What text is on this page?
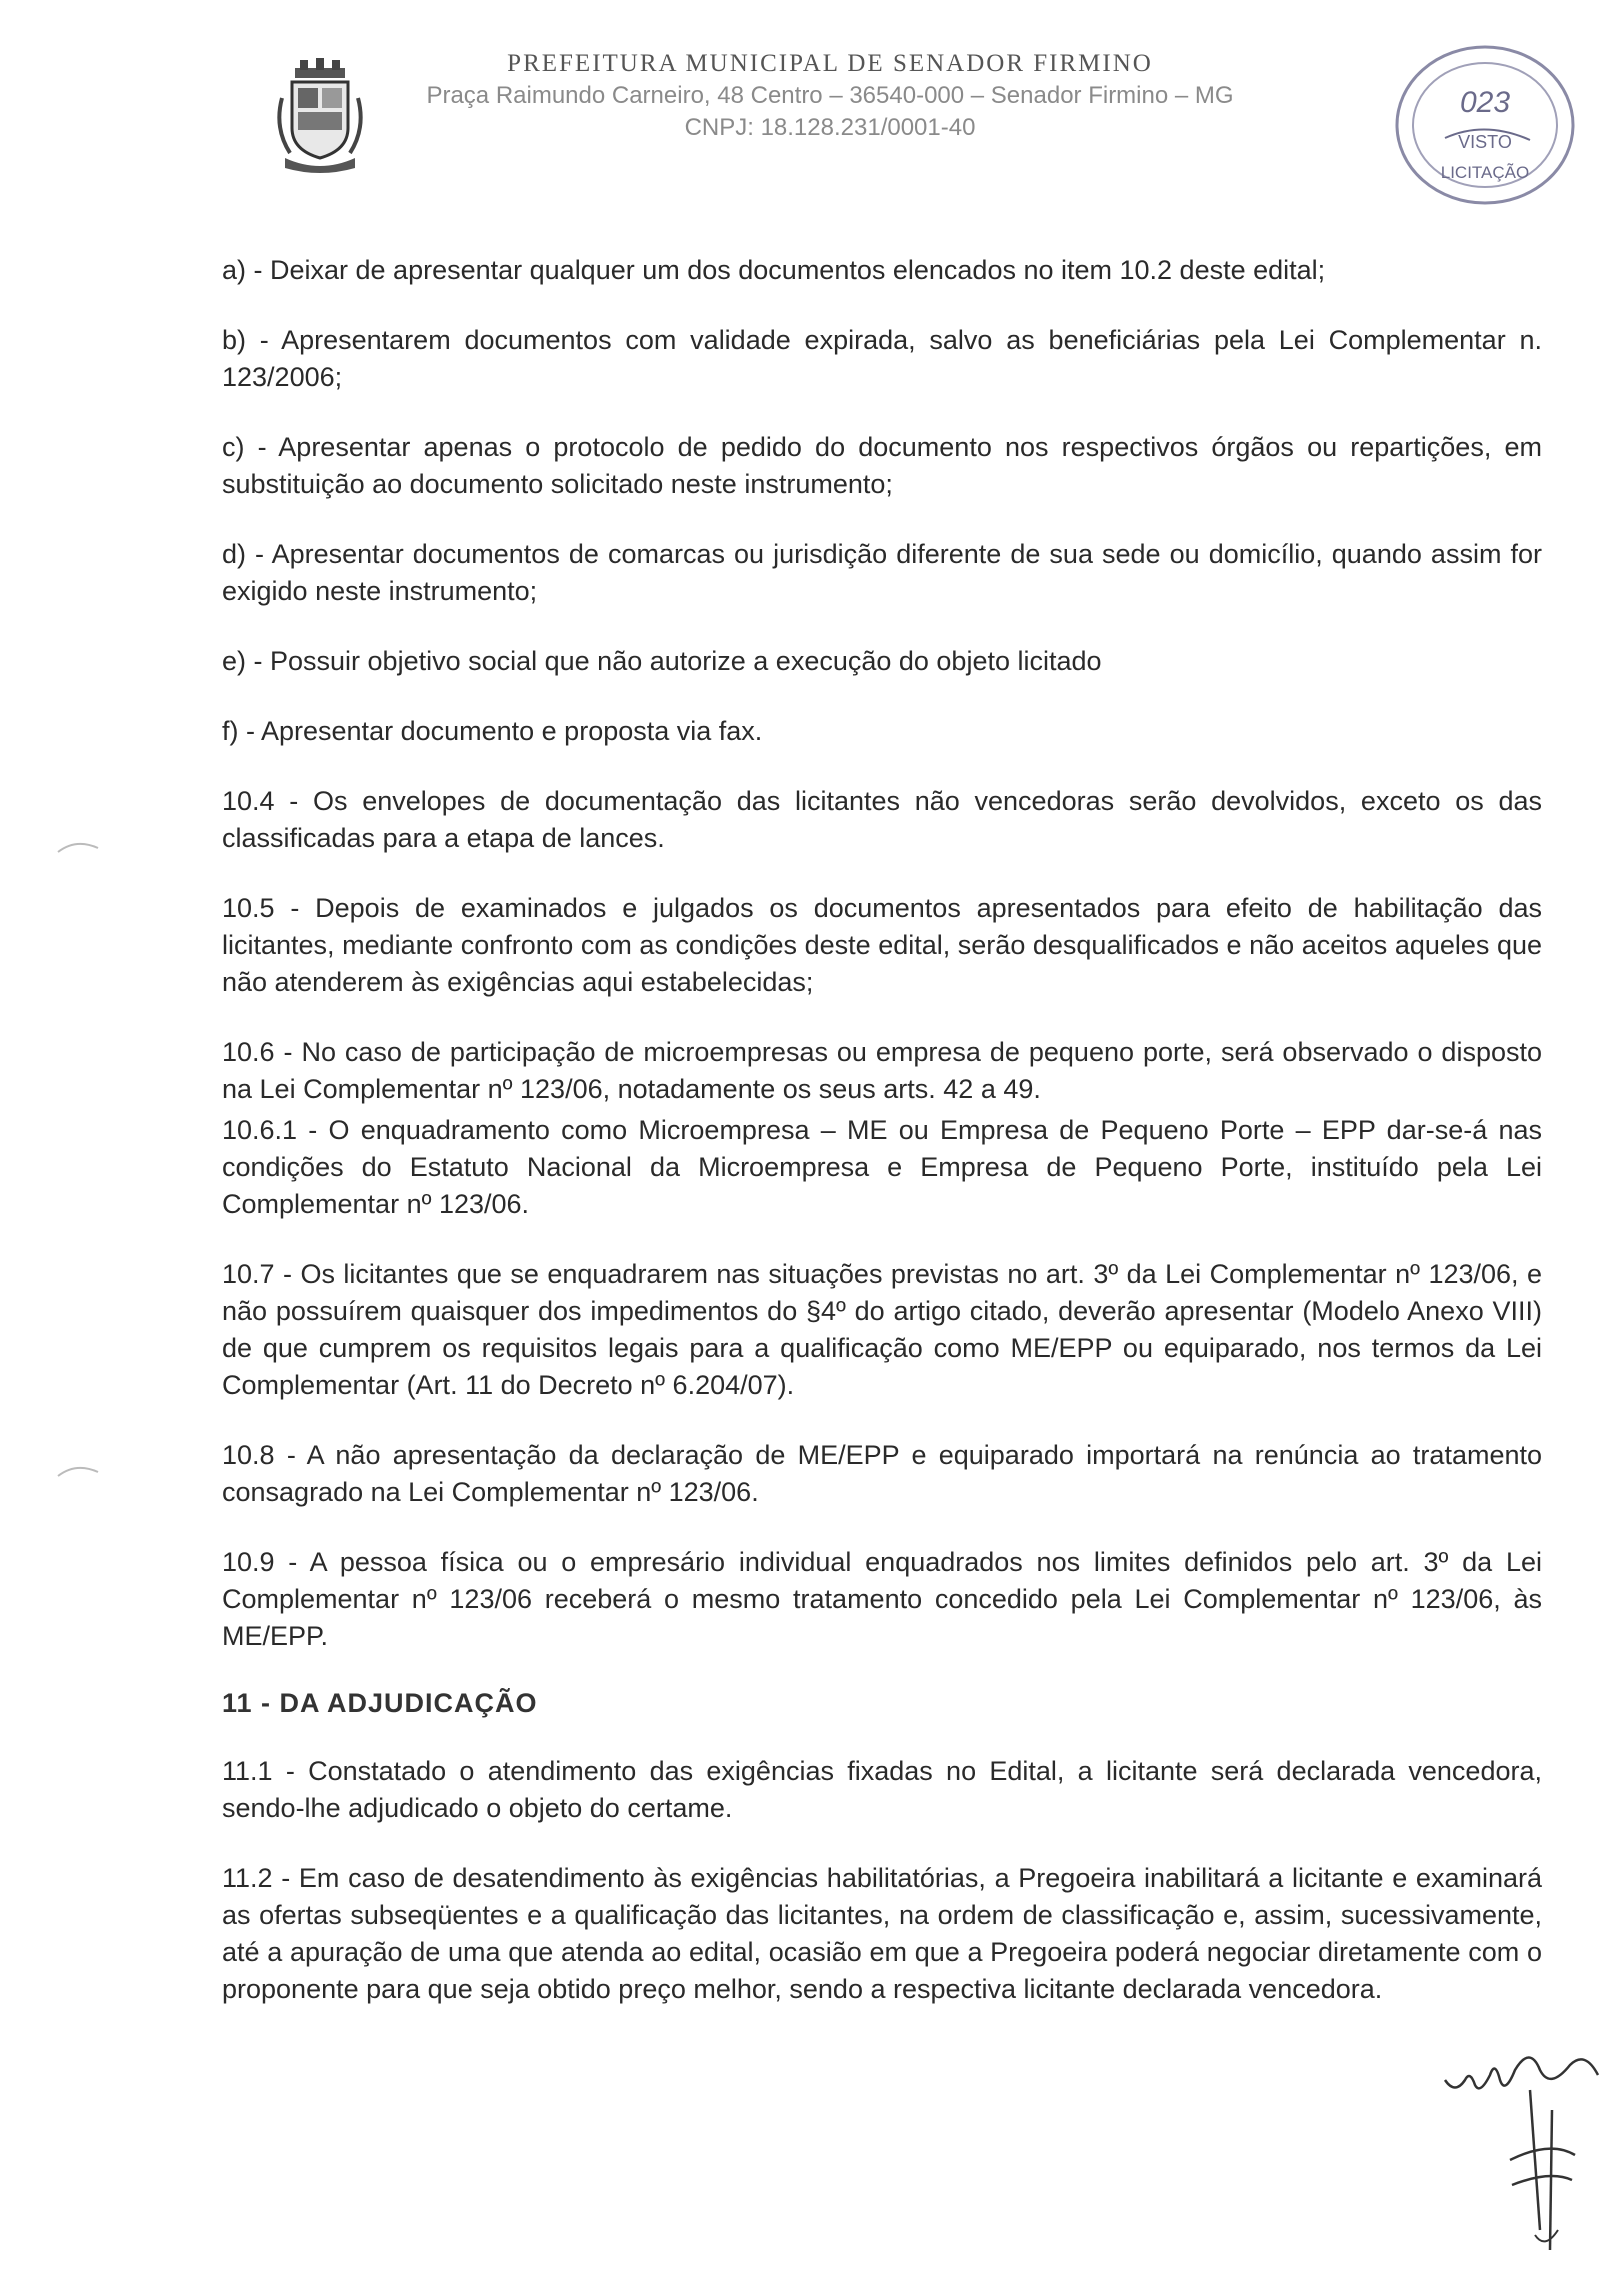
PREFEITURA MUNICIPAL DE SENADOR FIRMINO
Praça Raimundo Carneiro, 48 Centro – 36540-000 – Senador Firmino – MG
CNPJ: 18.128.231/0001-40
023
VISTO
LICITAÇÃO

a) - Deixar de apresentar qualquer um dos documentos elencados no item 10.2 deste edital;

b) - Apresentarem documentos com validade expirada, salvo as beneficiárias pela Lei Complementar n. 123/2006;

c) - Apresentar apenas o protocolo de pedido do documento nos respectivos órgãos ou repartições, em substituição ao documento solicitado neste instrumento;

d) - Apresentar documentos de comarcas ou jurisdição diferente de sua sede ou domicílio, quando assim for exigido neste instrumento;

e) - Possuir objetivo social que não autorize a execução do objeto licitado

f) - Apresentar documento e proposta via fax.

10.4 - Os envelopes de documentação das licitantes não vencedoras serão devolvidos, exceto os das classificadas para a etapa de lances.

10.5 - Depois de examinados e julgados os documentos apresentados para efeito de habilitação das licitantes, mediante confronto com as condições deste edital, serão desqualificados e não aceitos aqueles que não atenderem às exigências aqui estabelecidas;

10.6 - No caso de participação de microempresas ou empresa de pequeno porte, será observado o disposto na Lei Complementar nº 123/06, notadamente os seus arts. 42 a 49.

10.6.1 - O enquadramento como Microempresa – ME ou Empresa de Pequeno Porte – EPP dar-se-á nas condições do Estatuto Nacional da Microempresa e Empresa de Pequeno Porte, instituído pela Lei Complementar nº 123/06.

10.7 - Os licitantes que se enquadrarem nas situações previstas no art. 3º da Lei Complementar nº 123/06, e não possuírem quaisquer dos impedimentos do §4º do artigo citado, deverão apresentar (Modelo Anexo VIII) de que cumprem os requisitos legais para a qualificação como ME/EPP ou equiparado, nos termos da Lei Complementar (Art. 11 do Decreto nº 6.204/07).

10.8 - A não apresentação da declaração de ME/EPP e equiparado importará na renúncia ao tratamento consagrado na Lei Complementar nº 123/06.

10.9 - A pessoa física ou o empresário individual enquadrados nos limites definidos pelo art. 3º da Lei Complementar nº 123/06 receberá o mesmo tratamento concedido pela Lei Complementar nº 123/06, às ME/EPP.

11 - DA ADJUDICAÇÃO

11.1 - Constatado o atendimento das exigências fixadas no Edital, a licitante será declarada vencedora, sendo-lhe adjudicado o objeto do certame.

11.2 - Em caso de desatendimento às exigências habilitatórias, a Pregoeira inabilitará a licitante e examinará as ofertas subseqüentes e a qualificação das licitantes, na ordem de classificação e, assim, sucessivamente, até a apuração de uma que atenda ao edital, ocasião em que a Pregoeira poderá negociar diretamente com o proponente para que seja obtido preço melhor, sendo a respectiva licitante declarada vencedora.
